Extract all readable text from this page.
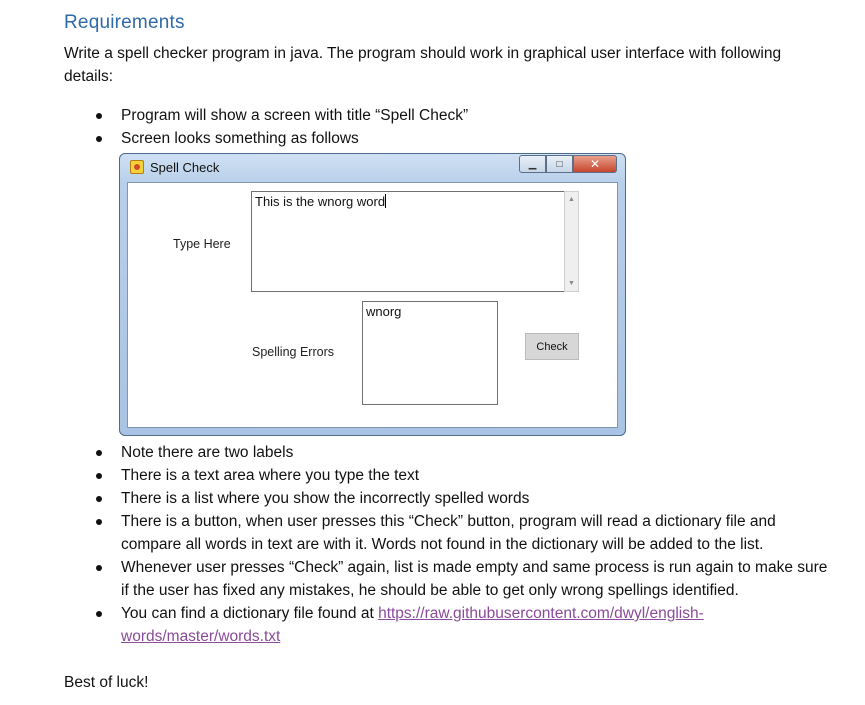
Requirements
Write a spell checker program in java. The program should work in graphical user interface with following details:
Program will show a screen with title “Spell Check”
Screen looks something as follows
Spell Check	▁ □ ✕
Type Here
This is the wnorg word	▲
▼
Spelling Errors
wnorg
Check
Note there are two labels
There is a text area where you type the text
There is a list where you show the incorrectly spelled words
There is a button, when user presses this “Check” button, program will read a dictionary file and compare all words in text are with it. Words not found in the dictionary will be added to the list.
Whenever user presses “Check” again, list is made empty and same process is run again to make sure if the user has fixed any mistakes, he should be able to get only wrong spellings identified.
You can find a dictionary file found at https://raw.githubusercontent.com/dwyl/english-words/master/words.txt
Best of luck!
